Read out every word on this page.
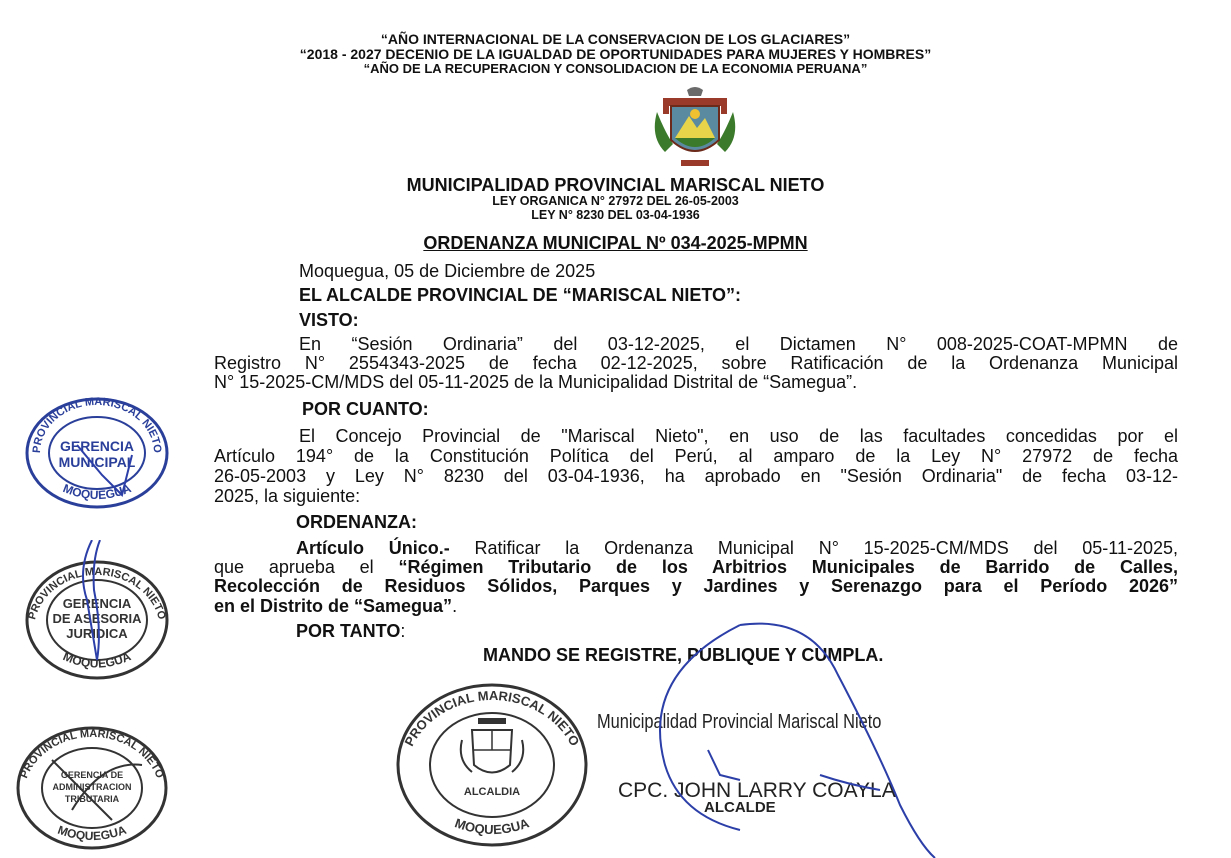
“AÑO INTERNACIONAL DE LA CONSERVACION DE LOS GLACIARES”
“2018 - 2027 DECENIO DE LA IGUALDAD DE OPORTUNIDADES PARA MUJERES Y HOMBRES”
“AÑO DE LA RECUPERACION Y CONSOLIDACION DE LA ECONOMIA PERUANA”
MUNICIPALIDAD PROVINCIAL MARISCAL NIETO
LEY ORGANICA N° 27972 DEL 26-05-2003
LEY N° 8230 DEL 03-04-1936
ORDENANZA MUNICIPAL Nº 034-2025-MPMN
Moquegua, 05 de Diciembre de 2025
EL ALCALDE PROVINCIAL DE “MARISCAL NIETO”:
VISTO:
En “Sesión Ordinaria” del 03-12-2025, el Dictamen N° 008-2025-COAT-MPMN de
Registro N° 2554343-2025 de fecha 02-12-2025, sobre Ratificación de la Ordenanza Municipal
N° 15-2025-CM/MDS del 05-11-2025 de la Municipalidad Distrital de “Samegua”.
POR CUANTO:
El Concejo Provincial de "Mariscal Nieto", en uso de las facultades concedidas por el
Artículo 194° de la Constitución Política del Perú, al amparo de la Ley N° 27972 de fecha
26-05-2003 y Ley N° 8230 del 03-04-1936, ha aprobado en "Sesión Ordinaria" de fecha 03-12-
2025, la siguiente:
ORDENANZA:
Artículo Único.- Ratificar la Ordenanza Municipal N° 15-2025-CM/MDS del 05-11-2025,
que aprueba el “Régimen Tributario de los Arbitrios Municipales de Barrido de Calles,
Recolección de Residuos Sólidos, Parques y Jardines y Serenazgo para el Período 2026”
en el Distrito de “Samegua”.
POR TANTO:
MANDO SE REGISTRE, PUBLIQUE Y CUMPLA.
Municipalidad Provincial Mariscal Nieto
CPC. JOHN LARRY COAYLA
ALCALDE
PROVINCIAL MARISCAL NIETO
MOQUEGUA
GERENCIA
MUNICIPAL
PROVINCIAL MARISCAL NIETO
MOQUEGUA
GERENCIA
DE ASESORIA
JURIDICA
PROVINCIAL MARISCAL NIETO
MOQUEGUA
GERENCIA DE
ADMINISTRACION
TRIBUTARIA
PROVINCIAL MARISCAL NIETO
MOQUEGUA
ALCALDIA
